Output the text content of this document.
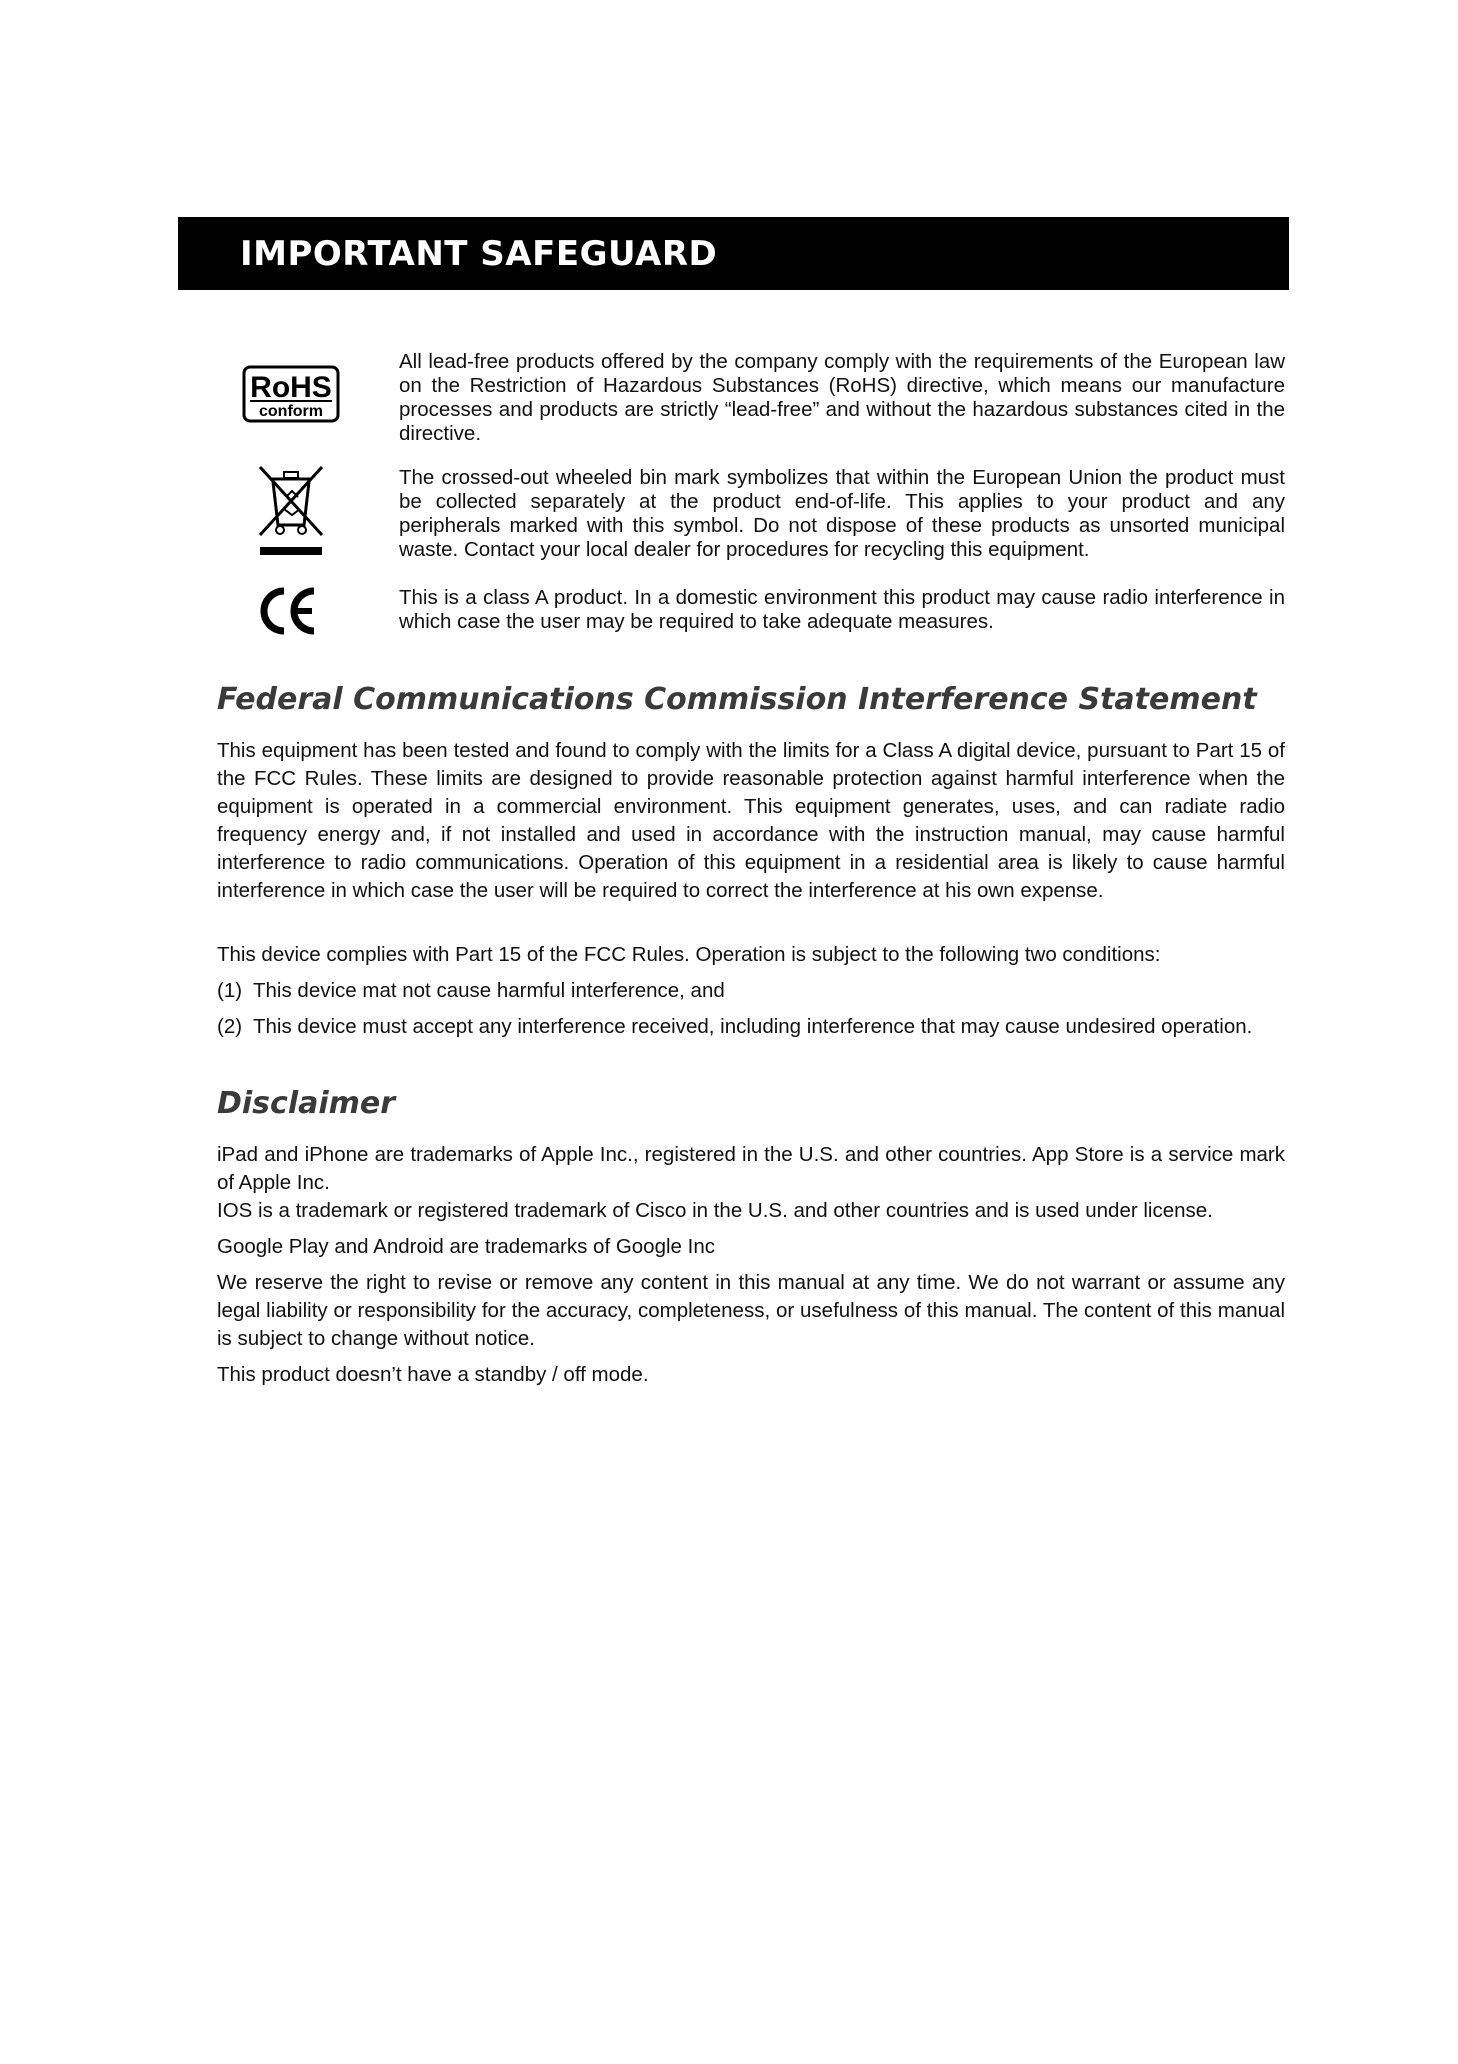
IMPORTANT SAFEGUARD
RoHS
conform
All lead-free products offered by the company comply with the requirements of the European law on the Restriction of Hazardous Substances (RoHS) directive, which means our manufacture processes and products are strictly “lead-free” and without the hazardous substances cited in the directive.
The crossed-out wheeled bin mark symbolizes that within the European Union the product must be collected separately at the product end-of-life. This applies to your product and any peripherals marked with this symbol. Do not dispose of these products as unsorted municipal waste. Contact your local dealer for procedures for recycling this equipment.
This is a class A product. In a domestic environment this product may cause radio interference in which case the user may be required to take adequate measures.
Federal Communications Commission Interference Statement
This equipment has been tested and found to comply with the limits for a Class A digital device, pursuant to Part 15 of the FCC Rules. These limits are designed to provide reasonable protection against harmful interference when the equipment is operated in a commercial environment. This equipment generates, uses, and can radiate radio frequency energy and, if not installed and used in accordance with the instruction manual, may cause harmful interference to radio communications. Operation of this equipment in a residential area is likely to cause harmful interference in which case the user will be required to correct the interference at his own expense.
This device complies with Part 15 of the FCC Rules. Operation is subject to the following two conditions:
(1) This device mat not cause harmful interference, and
(2) This device must accept any interference received, including interference that may cause undesired operation.
Disclaimer
iPad and iPhone are trademarks of Apple Inc., registered in the U.S. and other countries. App Store is a service mark of Apple Inc.
IOS is a trademark or registered trademark of Cisco in the U.S. and other countries and is used under license.
Google Play and Android are trademarks of Google Inc
We reserve the right to revise or remove any content in this manual at any time. We do not warrant or assume any legal liability or responsibility for the accuracy, completeness, or usefulness of this manual. The content of this manual is subject to change without notice.
This product doesn’t have a standby / off mode.
